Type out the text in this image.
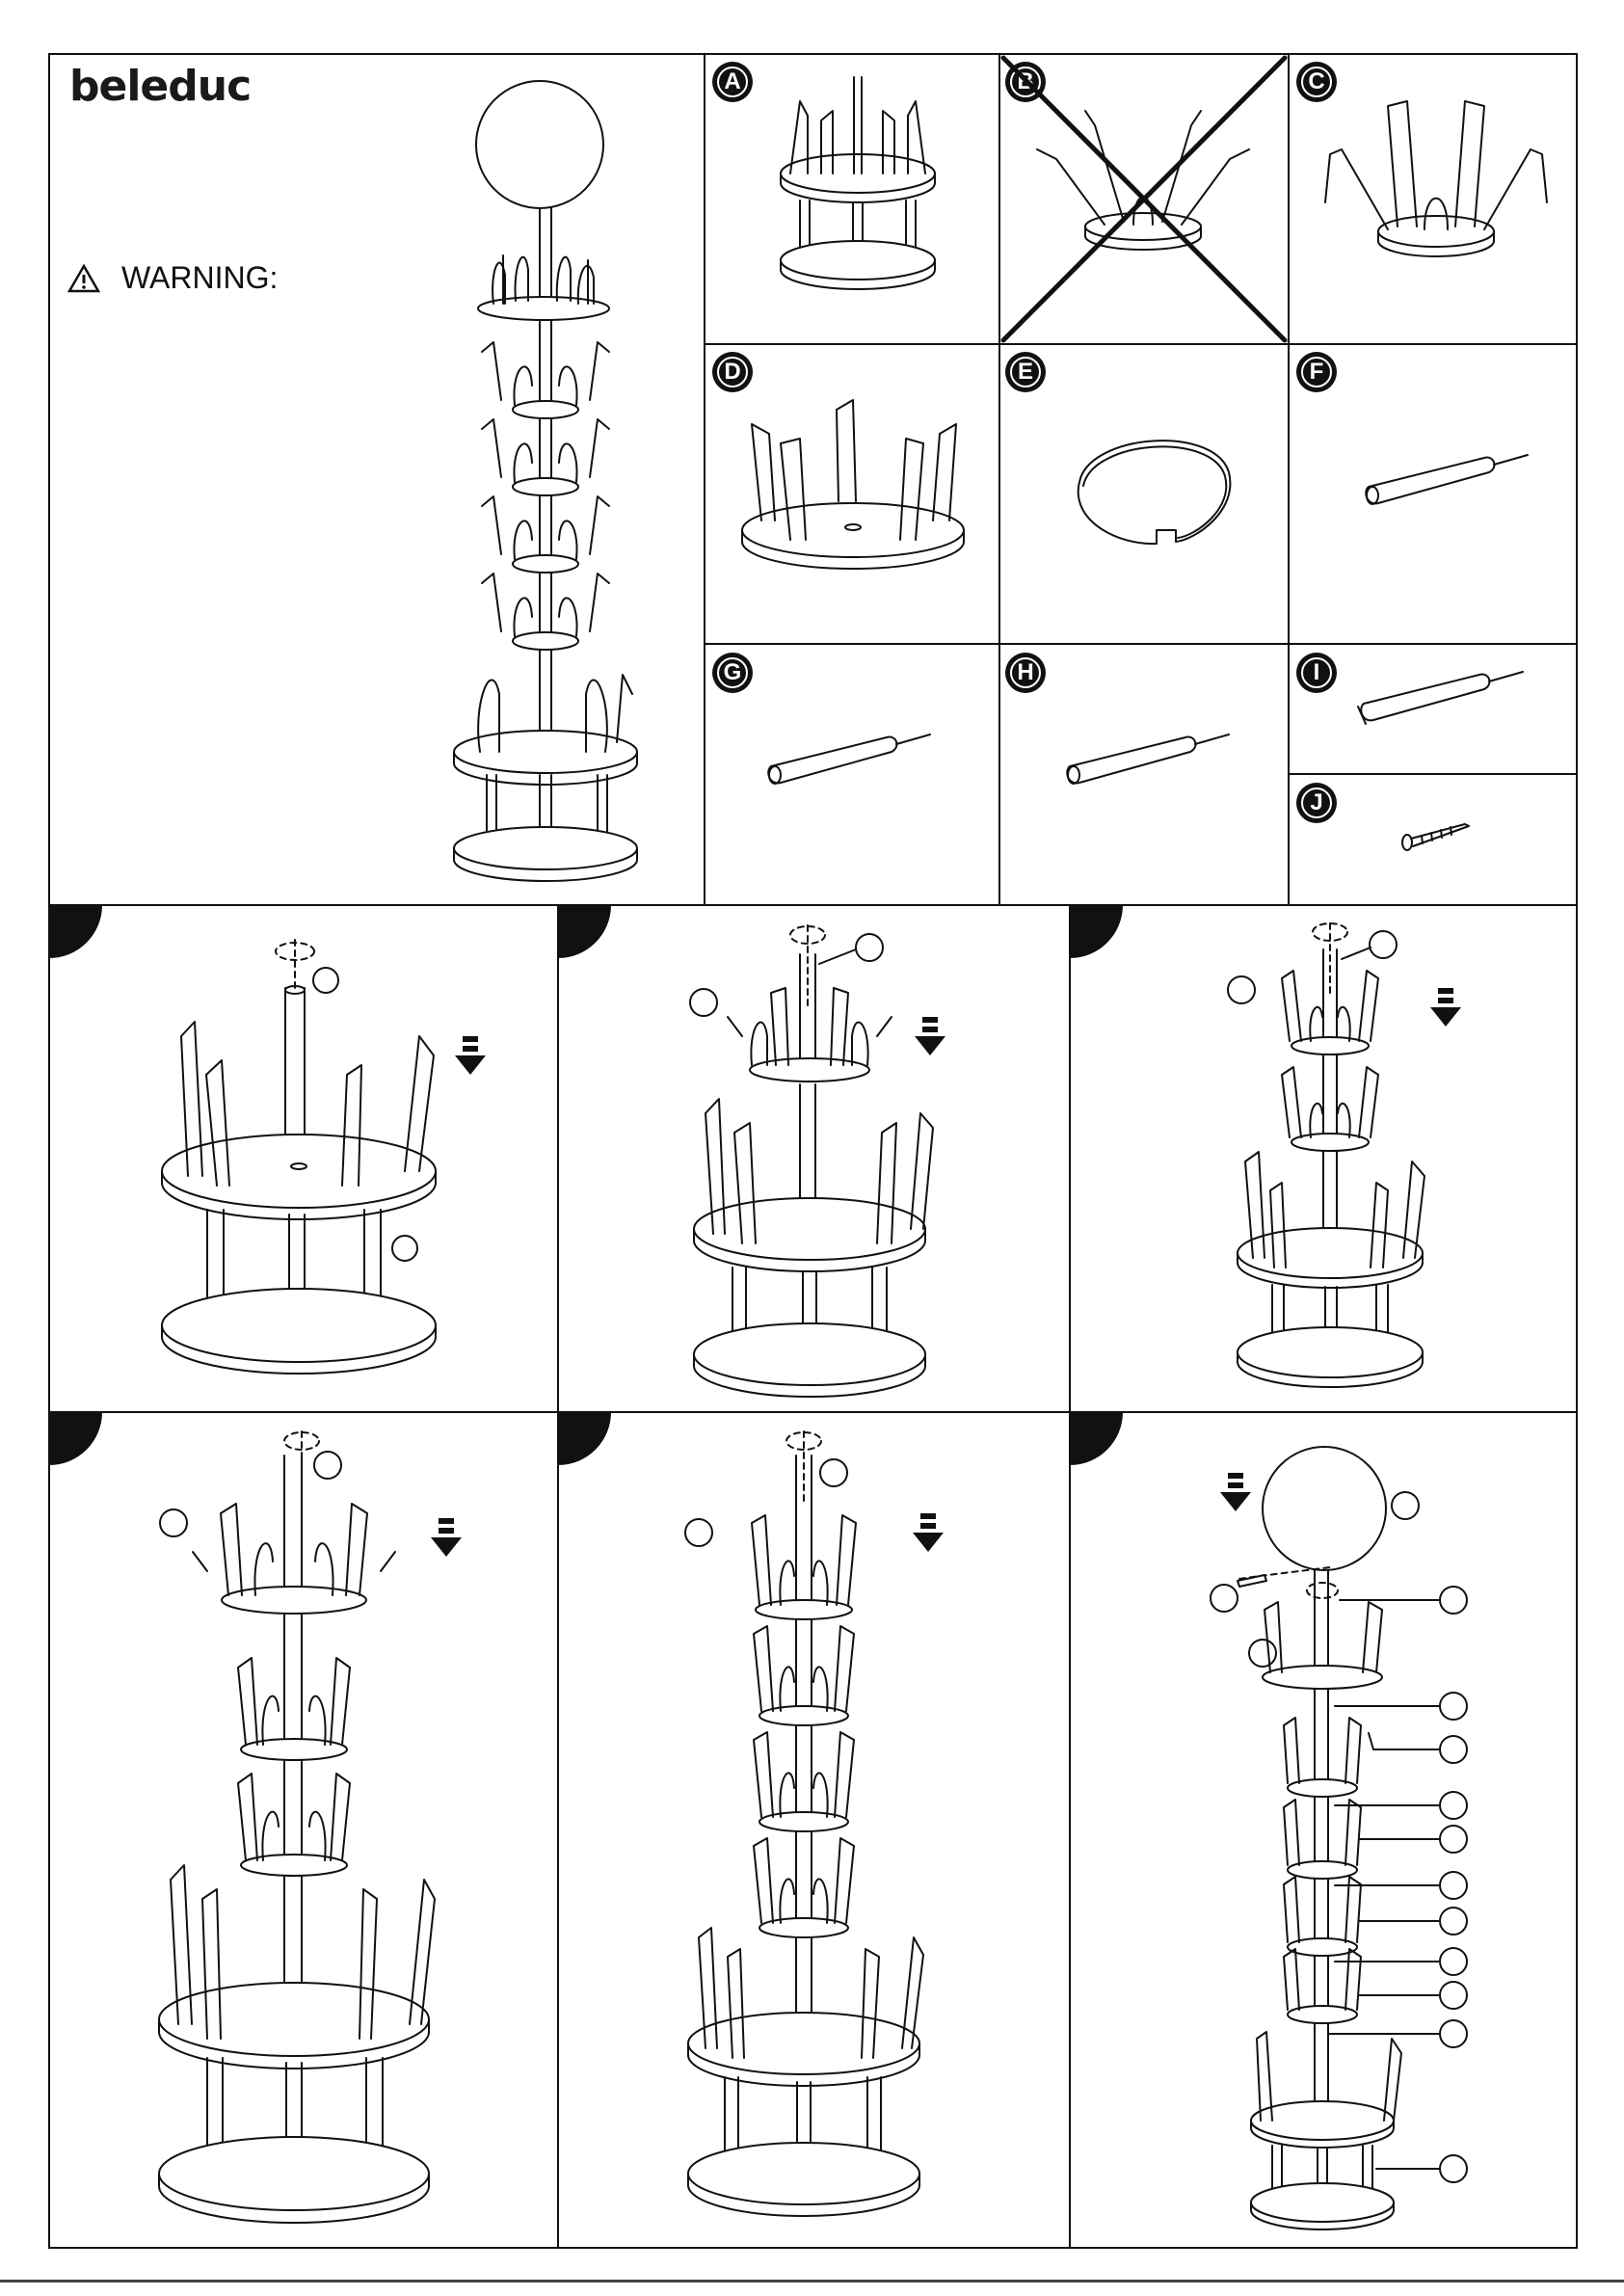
beleduc
WARNING:
A	B	C
D	E	F
G	H	I
J
